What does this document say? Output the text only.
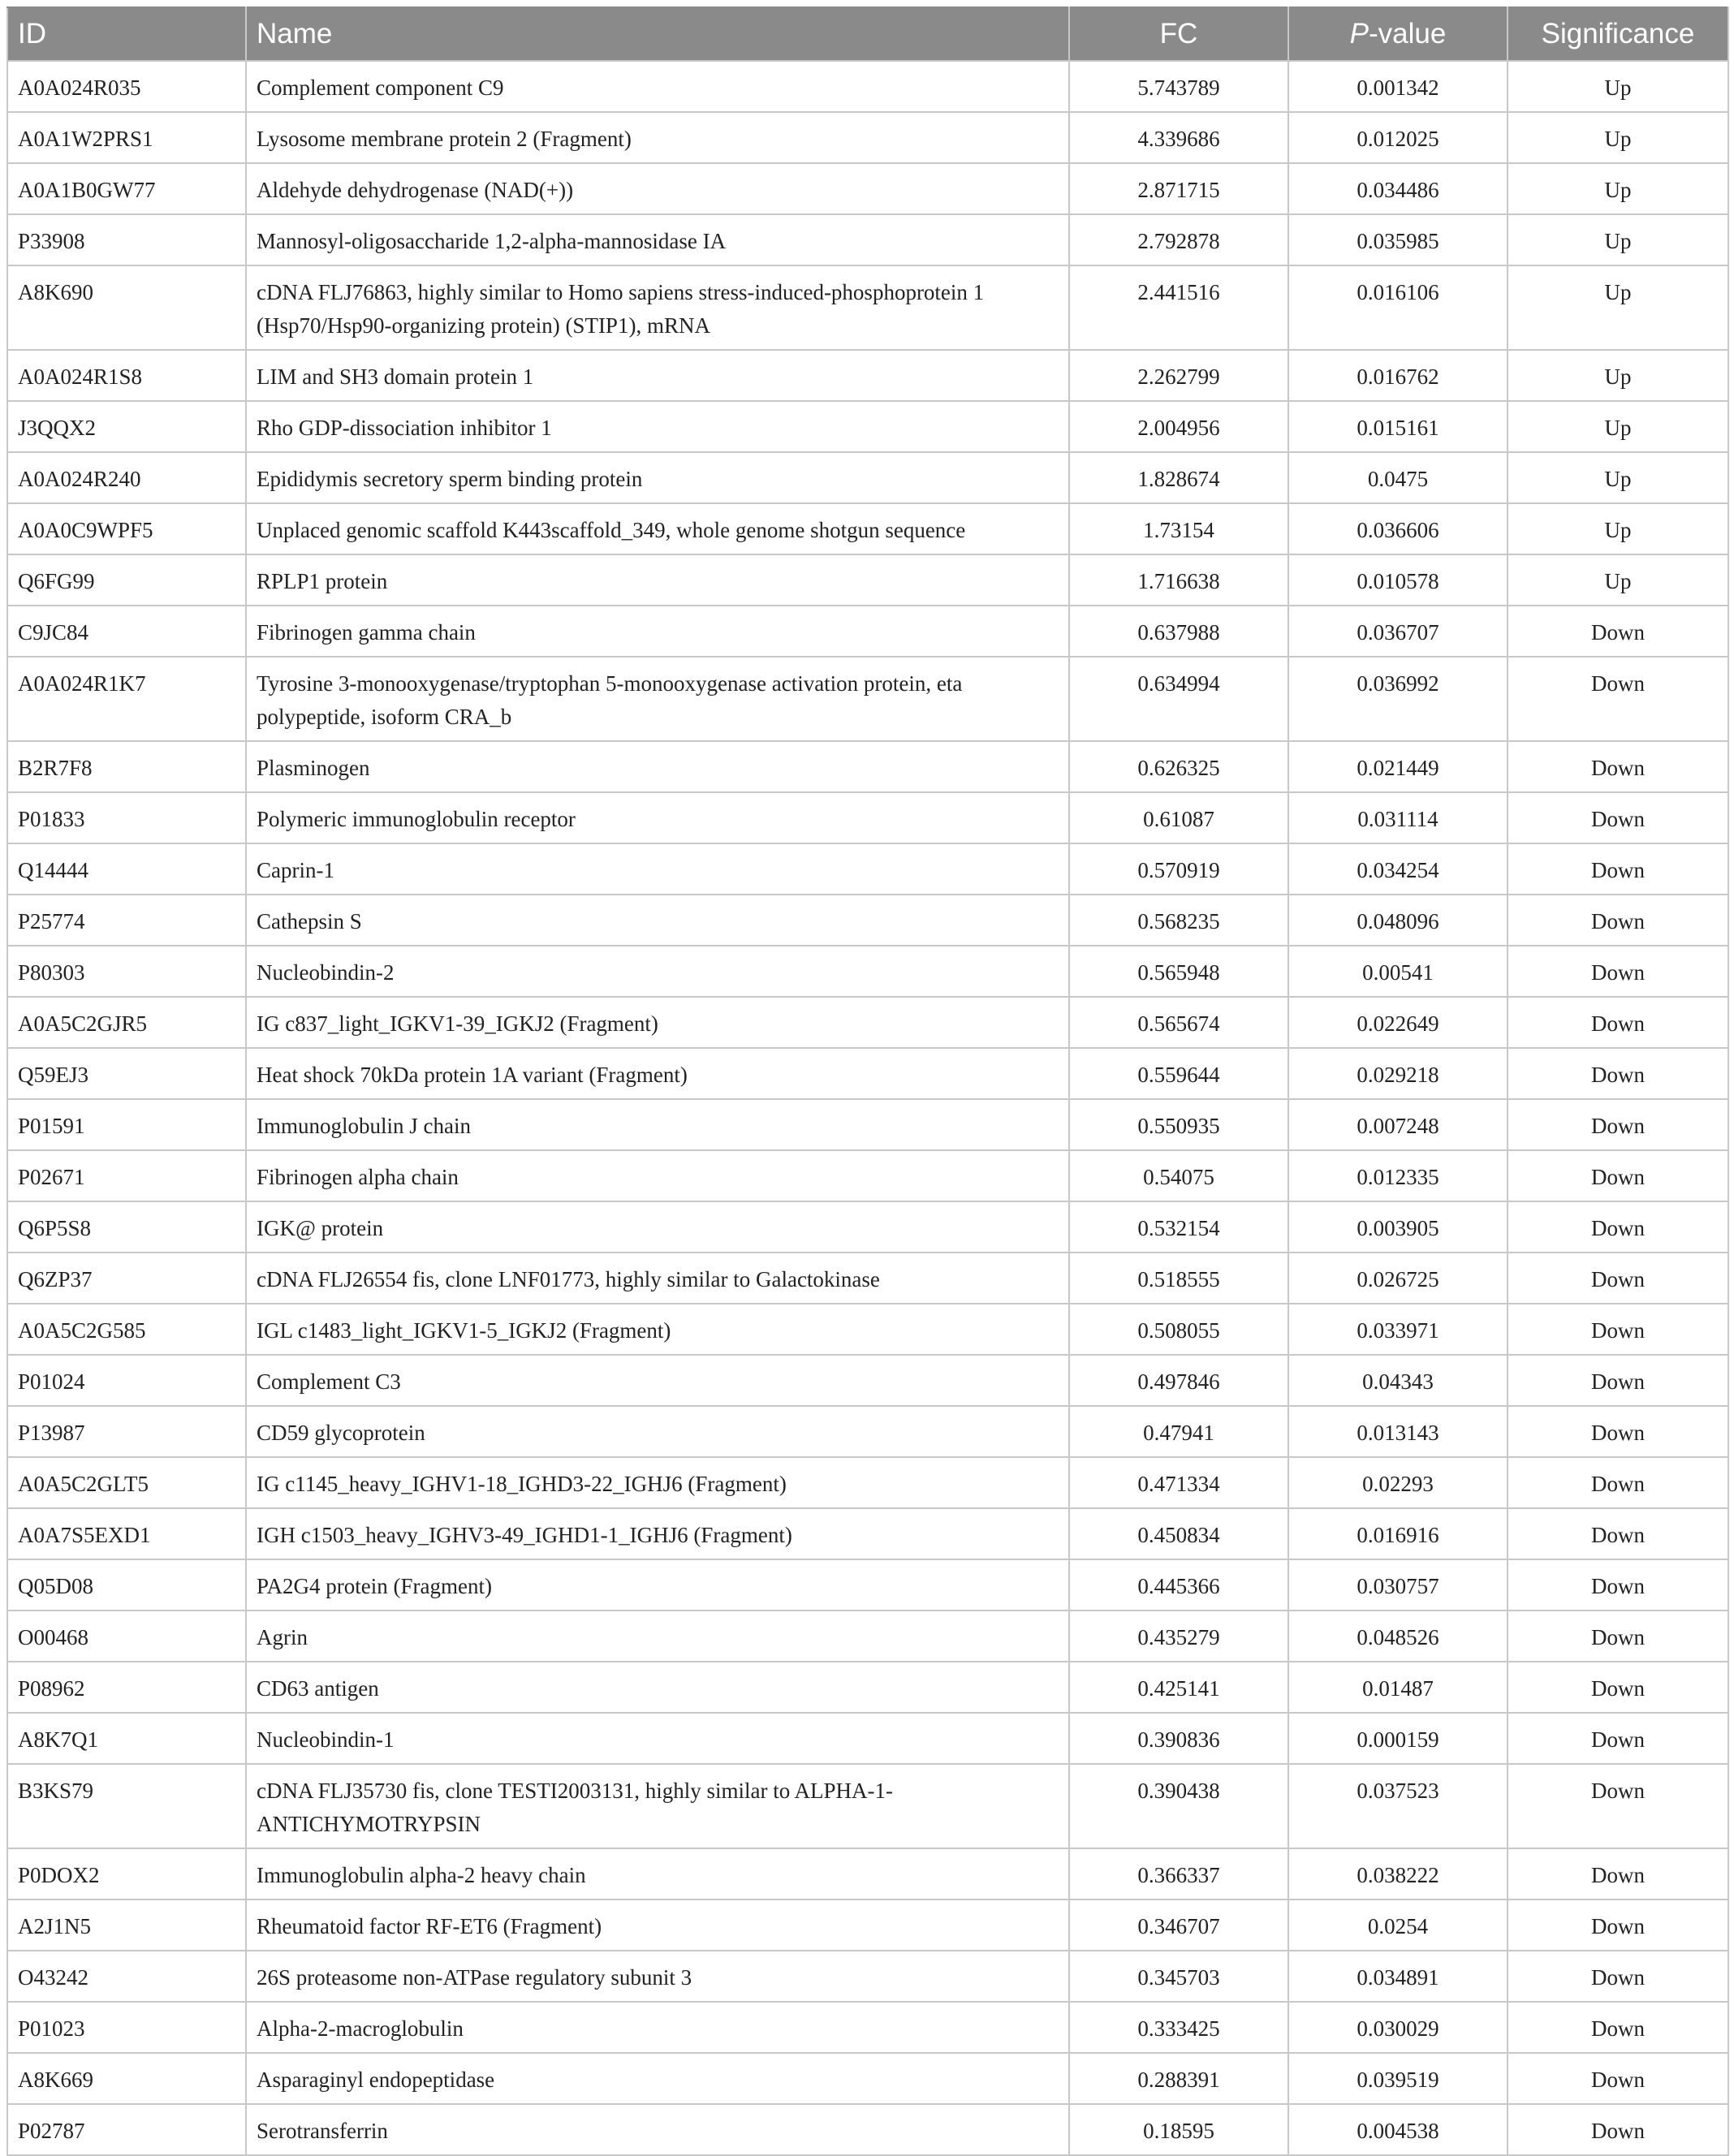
ID	Name	FC	P-value	Significance
A0A024R035	Complement component C9	5.743789	0.001342	Up
A0A1W2PRS1	Lysosome membrane protein 2 (Fragment)	4.339686	0.012025	Up
A0A1B0GW77	Aldehyde dehydrogenase (NAD(+))	2.871715	0.034486	Up
P33908	Mannosyl-oligosaccharide 1,2-alpha-mannosidase IA	2.792878	0.035985	Up
A8K690	cDNA FLJ76863, highly similar to Homo sapiens stress-induced-phosphoprotein 1 (Hsp70/Hsp90-organizing protein) (STIP1), mRNA	2.441516	0.016106	Up
A0A024R1S8	LIM and SH3 domain protein 1	2.262799	0.016762	Up
J3QQX2	Rho GDP-dissociation inhibitor 1	2.004956	0.015161	Up
A0A024R240	Epididymis secretory sperm binding protein	1.828674	0.0475	Up
A0A0C9WPF5	Unplaced genomic scaffold K443scaffold_349, whole genome shotgun sequence	1.73154	0.036606	Up
Q6FG99	RPLP1 protein	1.716638	0.010578	Up
C9JC84	Fibrinogen gamma chain	0.637988	0.036707	Down
A0A024R1K7	Tyrosine 3-monooxygenase/tryptophan 5-monooxygenase activation protein, eta polypeptide, isoform CRA_b	0.634994	0.036992	Down
B2R7F8	Plasminogen	0.626325	0.021449	Down
P01833	Polymeric immunoglobulin receptor	0.61087	0.031114	Down
Q14444	Caprin-1	0.570919	0.034254	Down
P25774	Cathepsin S	0.568235	0.048096	Down
P80303	Nucleobindin-2	0.565948	0.00541	Down
A0A5C2GJR5	IG c837_light_IGKV1-39_IGKJ2 (Fragment)	0.565674	0.022649	Down
Q59EJ3	Heat shock 70kDa protein 1A variant (Fragment)	0.559644	0.029218	Down
P01591	Immunoglobulin J chain	0.550935	0.007248	Down
P02671	Fibrinogen alpha chain	0.54075	0.012335	Down
Q6P5S8	IGK@ protein	0.532154	0.003905	Down
Q6ZP37	cDNA FLJ26554 fis, clone LNF01773, highly similar to Galactokinase	0.518555	0.026725	Down
A0A5C2G585	IGL c1483_light_IGKV1-5_IGKJ2 (Fragment)	0.508055	0.033971	Down
P01024	Complement C3	0.497846	0.04343	Down
P13987	CD59 glycoprotein	0.47941	0.013143	Down
A0A5C2GLT5	IG c1145_heavy_IGHV1-18_IGHD3-22_IGHJ6 (Fragment)	0.471334	0.02293	Down
A0A7S5EXD1	IGH c1503_heavy_IGHV3-49_IGHD1-1_IGHJ6 (Fragment)	0.450834	0.016916	Down
Q05D08	PA2G4 protein (Fragment)	0.445366	0.030757	Down
O00468	Agrin	0.435279	0.048526	Down
P08962	CD63 antigen	0.425141	0.01487	Down
A8K7Q1	Nucleobindin-1	0.390836	0.000159	Down
B3KS79	cDNA FLJ35730 fis, clone TESTI2003131, highly similar to ALPHA-1-ANTICHYMOTRYPSIN	0.390438	0.037523	Down
P0DOX2	Immunoglobulin alpha-2 heavy chain	0.366337	0.038222	Down
A2J1N5	Rheumatoid factor RF-ET6 (Fragment)	0.346707	0.0254	Down
O43242	26S proteasome non-ATPase regulatory subunit 3	0.345703	0.034891	Down
P01023	Alpha-2-macroglobulin	0.333425	0.030029	Down
A8K669	Asparaginyl endopeptidase	0.288391	0.039519	Down
P02787	Serotransferrin	0.18595	0.004538	Down
